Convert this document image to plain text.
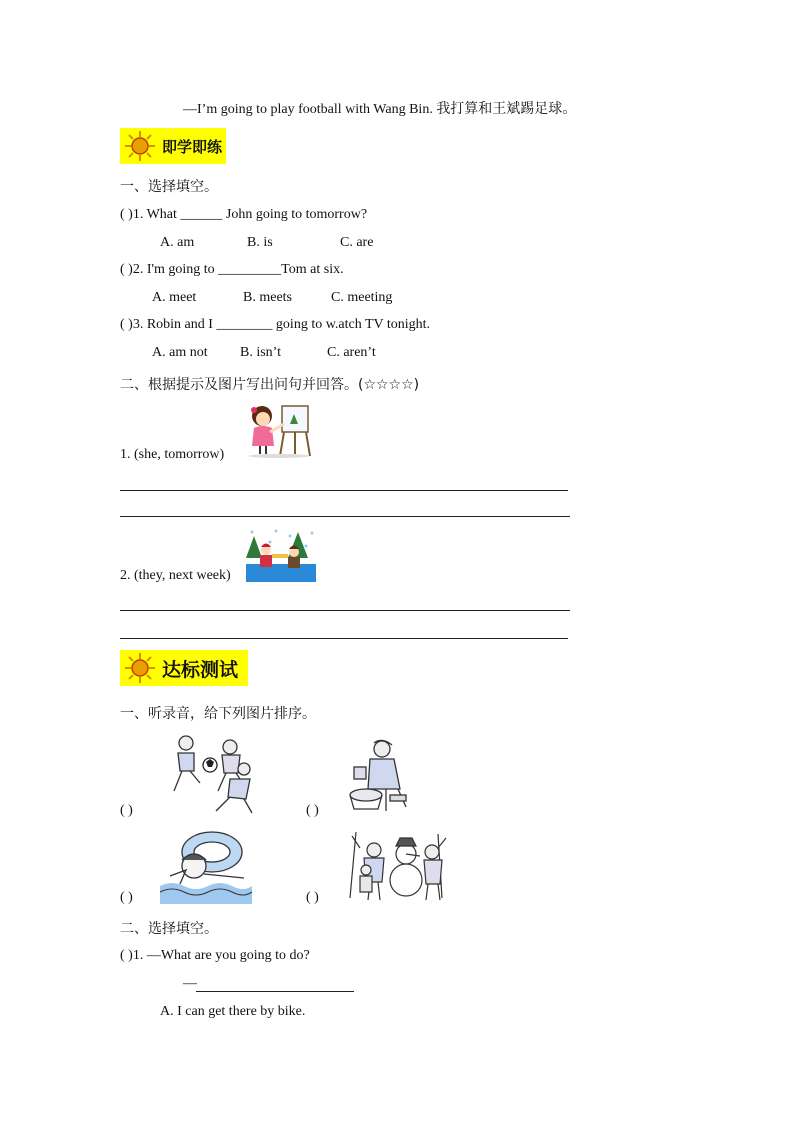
—I’m going to play football with Wang Bin. 我打算和王斌踢足球。
即学即练
一、选择填空。
( )1. What ______ John going to tomorrow?
A. am	B. is	C. are
( )2. I'm going to _________Tom at six.
A. meet	B. meets	C. meeting
( )3. Robin and I ________ going to w.atch TV tonight.
A. am not B. isn’t	C. aren’t
二、根据提示及图片写出问句并回答。(☆☆☆☆)
1. (she, tomorrow)
2. (they, next week)
达标测试
一、听录音，给下列图片排序。
( )	( )
( )	( )
二、选择填空。
( )1. —What are you going to do?
—
A. I can get there by bike.
